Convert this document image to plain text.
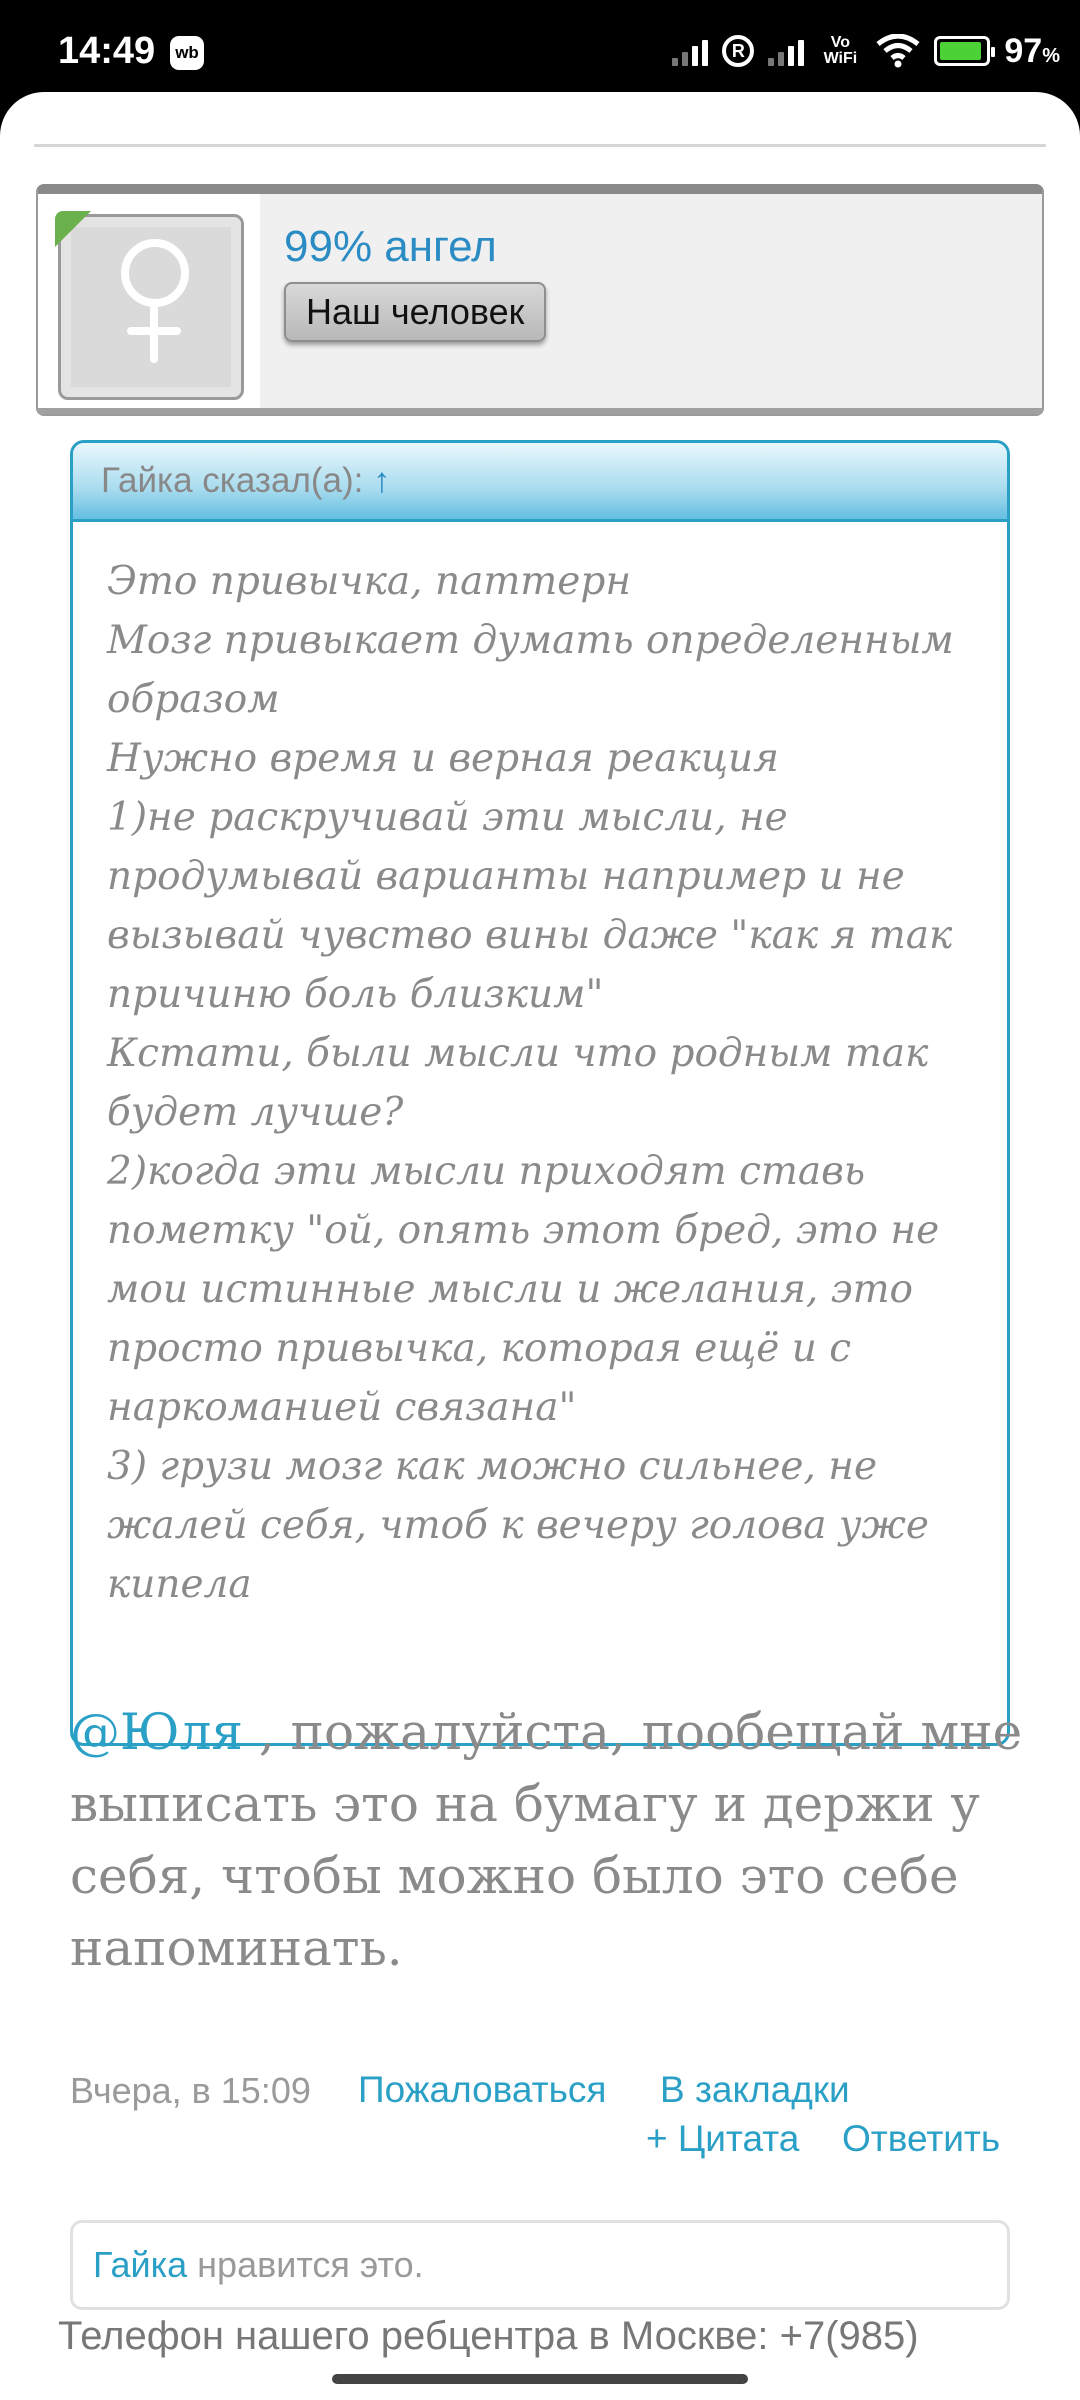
14:49	wb	R	Vo WiFi	97%
99% ангел
Наш человек
Гайка сказал(а): ↑
Это привычка, паттерн
Мозг привыкает думать определенным образом
Нужно время и верная реакция
1)не раскручивай эти мысли, не продумывай варианты например и не вызывай чувство вины даже "как я так причиню боль близким"
Кстати, были мысли что родным так будет лучше?
2)когда эти мысли приходят ставь пометку "ой, опять этот бред, это не мои истинные мысли и желания, это просто привычка, которая ещё и с наркоманией связана"
3) грузи мозг как можно сильнее, не жалей себя, чтоб к вечеру голова уже кипела
@Юля , пожалуйста, пообещай мне выписать это на бумагу и держи у себя, чтобы можно было это себе напоминать.
Вчера, в 15:09 Пожаловаться В закладки
+ Цитата Ответить
Гайка нравится это.
Телефон нашего ребцентра в Москве: +7(985)
